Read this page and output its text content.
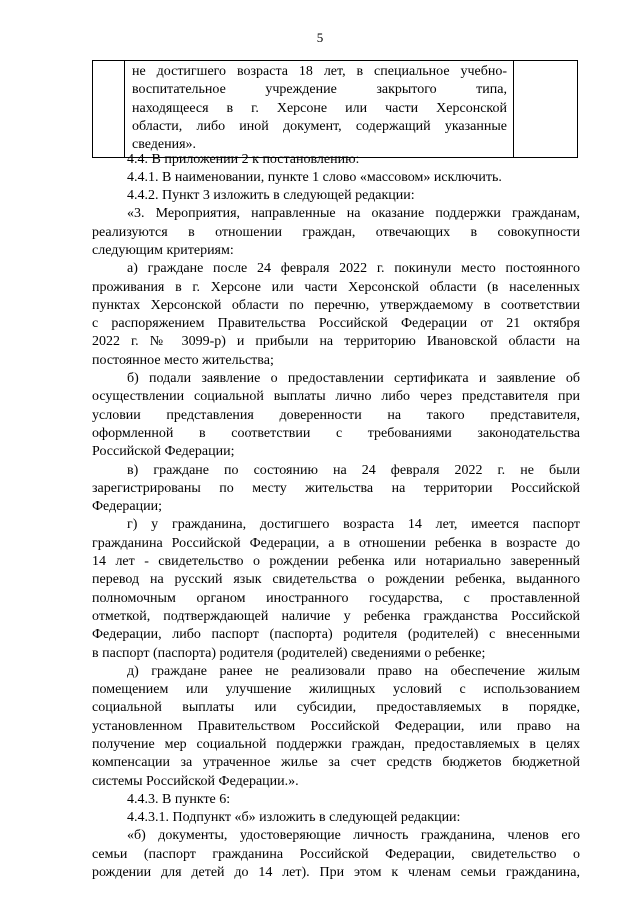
5

не достигшего возраста 18 лет, в специальное учебно-
воспитательное учреждение закрытого типа,
находящееся в г. Херсоне или части Херсонской
области, либо иной документ, содержащий указанные
сведения».

4.4. В приложении 2 к постановлению:
4.4.1. В наименовании, пункте 1 слово «массовом» исключить.
4.4.2. Пункт 3 изложить в следующей редакции:
«3. Мероприятия, направленные на оказание поддержки гражданам,
реализуются в отношении граждан, отвечающих в совокупности
следующим критериям:
а) граждане после 24 февраля 2022 г. покинули место постоянного
проживания в г. Херсоне или части Херсонской области (в населенных
пунктах Херсонской области по перечню, утверждаемому в соответствии
с распоряжением Правительства Российской Федерации от 21 октября
2022 г. № 3099-р) и прибыли на территорию Ивановской области на
постоянное место жительства;
б) подали заявление о предоставлении сертификата и заявление об
осуществлении социальной выплаты лично либо через представителя при
условии представления доверенности на такого представителя,
оформленной в соответствии с требованиями законодательства
Российской Федерации;
в) граждане по состоянию на 24 февраля 2022 г. не были
зарегистрированы по месту жительства на территории Российской
Федерации;
г) у гражданина, достигшего возраста 14 лет, имеется паспорт
гражданина Российской Федерации, а в отношении ребенка в возрасте до
14 лет - свидетельство о рождении ребенка или нотариально заверенный
перевод на русский язык свидетельства о рождении ребенка, выданного
полномочным органом иностранного государства, с проставленной
отметкой, подтверждающей наличие у ребенка гражданства Российской
Федерации, либо паспорт (паспорта) родителя (родителей) с внесенными
в паспорт (паспорта) родителя (родителей) сведениями о ребенке;
д) граждане ранее не реализовали право на обеспечение жилым
помещением или улучшение жилищных условий с использованием
социальной выплаты или субсидии, предоставляемых в порядке,
установленном Правительством Российской Федерации, или право на
получение мер социальной поддержки граждан, предоставляемых в целях
компенсации за утраченное жилье за счет средств бюджетов бюджетной
системы Российской Федерации.».
4.4.3. В пункте 6:
4.4.3.1. Подпункт «б» изложить в следующей редакции:
«б) документы, удостоверяющие личность гражданина, членов его
семьи (паспорт гражданина Российской Федерации, свидетельство о
рождении для детей до 14 лет). При этом к членам семьи гражданина,
